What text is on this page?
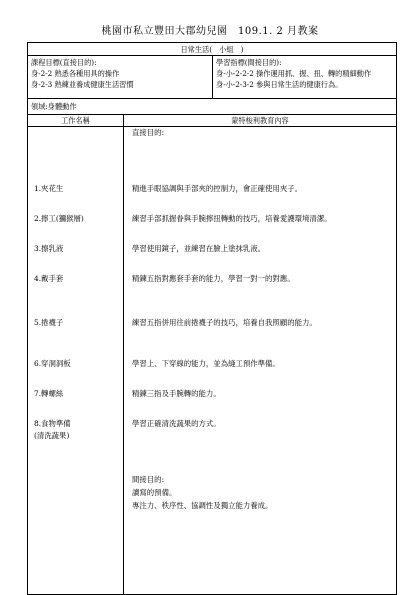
桃園市私立豐田大郡幼兒園　109.1. 2 月教案
日常生活(　小組　)
課程目標(直接目的):
身-2-2 熟悉各種用具的操作
身-2-3 熟練並養成健康生活習慣
學習指標(間接目的):
身-小-2-2-2 操作運用抓、握、扭、轉的精細動作
身-小-2-3-2 參與日常生活的健康行為。
領域:身體動作
工作名稱	蒙特梭利教育內容
1.夾花生
2.擰工(獼猴層)
3.擦乳液
4.戴手套
5.捲襪子
6.穿洞洞板
7.轉螺絲
8.食物準備
(清洗蔬果)
直接目的:
精進手眼協調與手部夾的控制力，會正確使用夾子。
練習手部抓握眷與手腕擰扭轉動的技巧，培養愛護環境清潔。
學習使用鏡子，並練習在臉上塗抹乳液。
精鍊五指對應套手套的能力，學習一對一的對應。
練習五指併用往前捲襪子的技巧，培養自我照顧的能力。
學習上、下穿線的能力，並為縫工預作準備。
精鍊三指及手腕轉的能力。
學習正確清洗蔬果的方式。
間接目的:
讀寫的預備。
專注力、秩序性、協調性及獨立能力養成。
